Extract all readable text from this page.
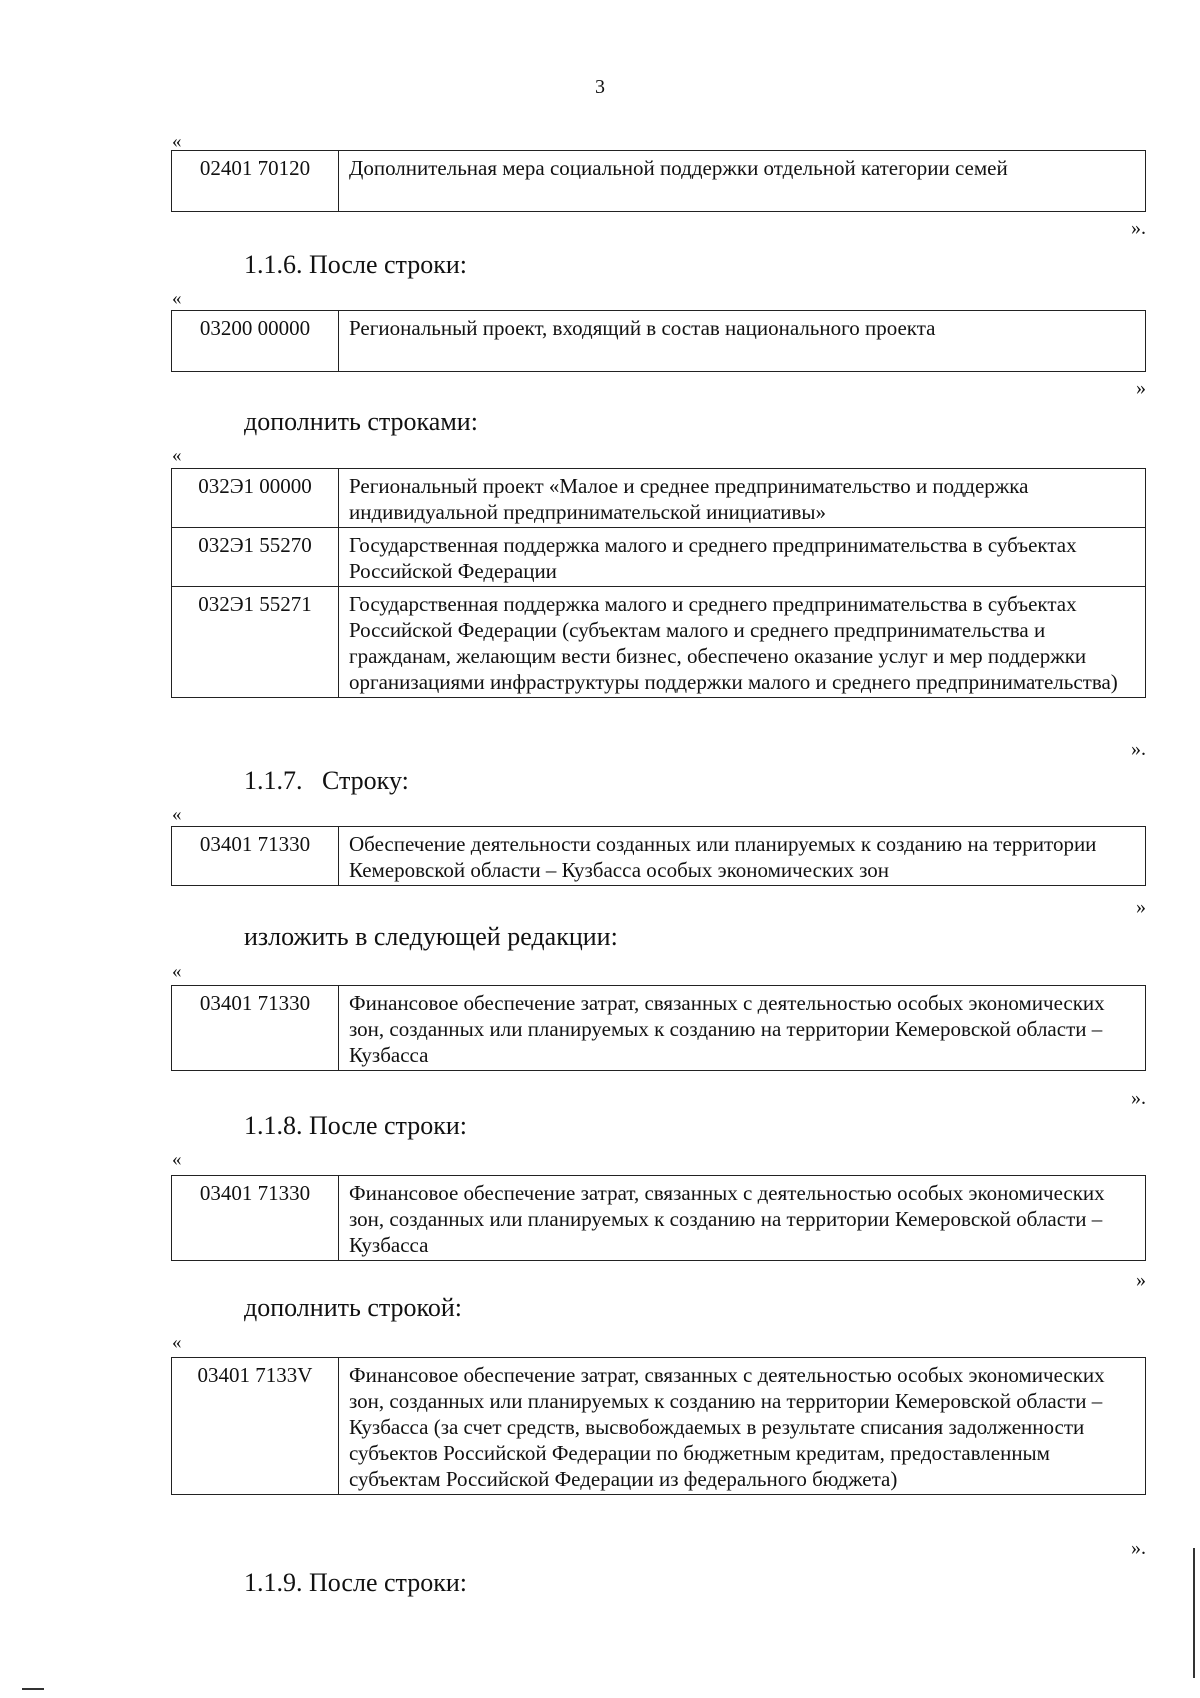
3
«
02401 70120	Дополнительная мера социальной поддержки отдельной категории семей
».
1.1.6. После строки:
«
03200 00000	Региональный проект, входящий в состав национального проекта
»
дополнить строками:
«
032Э1 00000	Региональный проект «Малое и среднее предпринимательство и поддержка индивидуальной предпринимательской инициативы»
032Э1 55270	Государственная поддержка малого и среднего предпринимательства в субъектах Российской Федерации
032Э1 55271	Государственная поддержка малого и среднего предпринимательства в субъектах Российской Федерации (субъектам малого и среднего предпринимательства и гражданам, желающим вести бизнес, обеспечено оказание услуг и мер поддержки организациями инфраструктуры поддержки малого и среднего предпринимательства)
».
1.1.7.   Строку:
«
03401 71330	Обеспечение деятельности созданных или планируемых к созданию на территории Кемеровской области – Кузбасса особых экономических зон
»
изложить в следующей редакции:
«
03401 71330	Финансовое обеспечение затрат, связанных с деятельностью особых экономических зон, созданных или планируемых к созданию на территории Кемеровской области – Кузбасса
».
1.1.8. После строки:
«
03401 71330	Финансовое обеспечение затрат, связанных с деятельностью особых экономических зон, созданных или планируемых к созданию на территории Кемеровской области – Кузбасса
»
дополнить строкой:
«
03401 7133V	Финансовое обеспечение затрат, связанных с деятельностью особых экономических зон, созданных или планируемых к созданию на территории Кемеровской области – Кузбасса (за счет средств, высвобождаемых в результате списания задолженности субъектов Российской Федерации по бюджетным кредитам, предоставленным субъектам Российской Федерации из федерального бюджета)
».
1.1.9. После строки:
